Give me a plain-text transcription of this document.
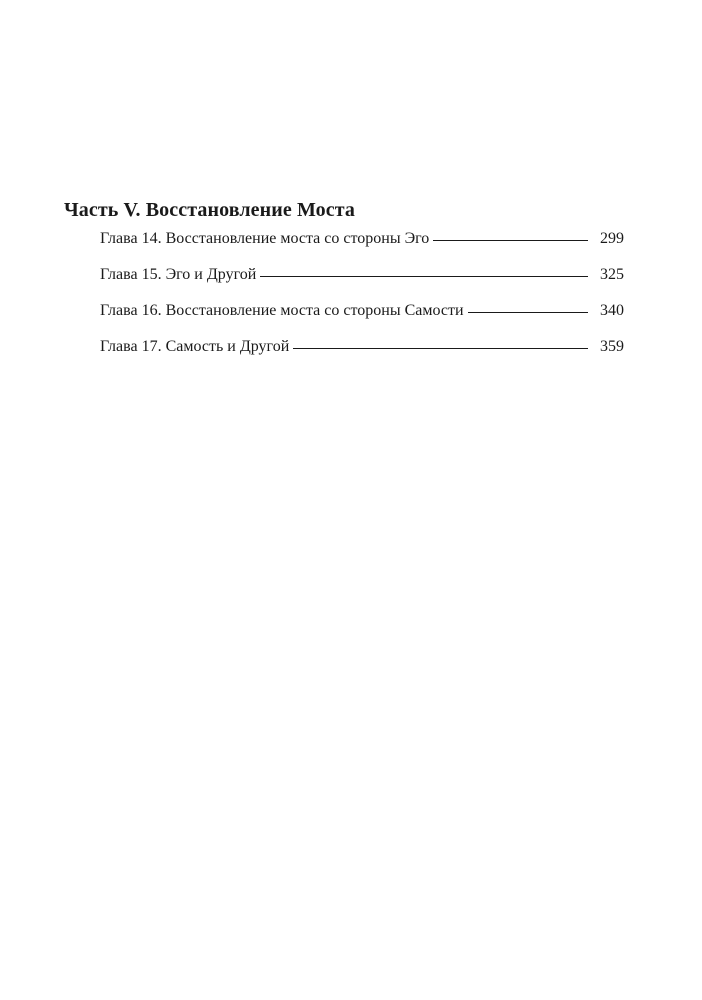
Часть V. Восстановление Моста
Глава 14. Восстановление моста со стороны Эго	299
Глава 15. Эго и Другой	325
Глава 16. Восстановление моста со стороны Самости	340
Глава 17. Самость и Другой	359
